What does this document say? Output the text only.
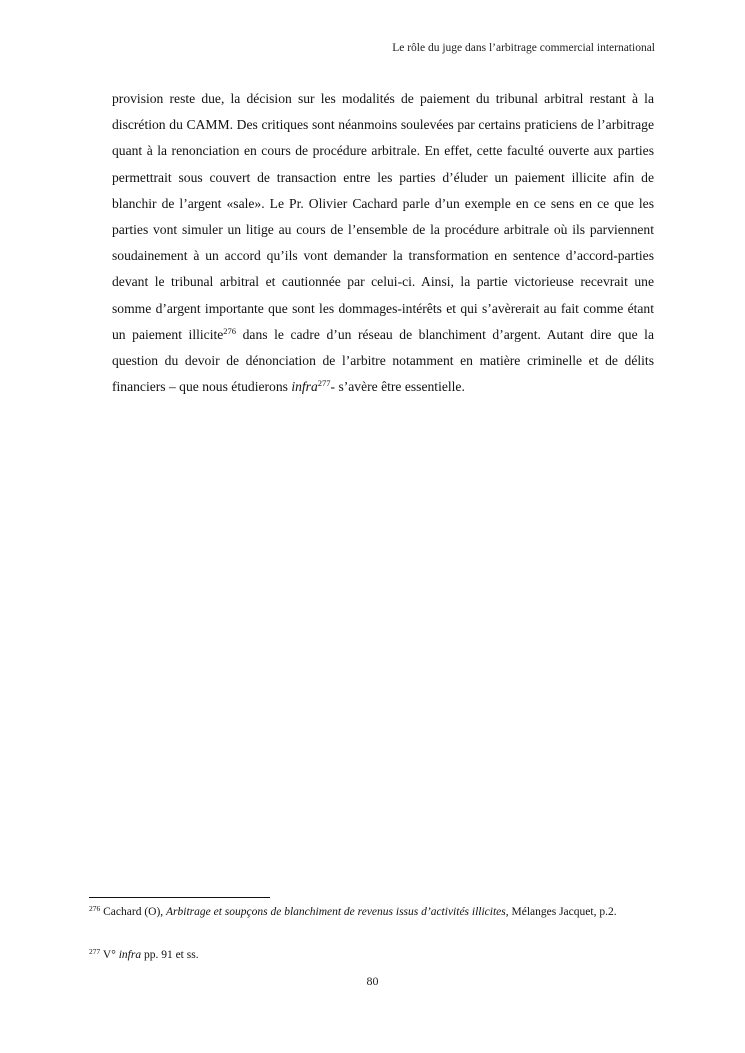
Le rôle du juge dans l’arbitrage commercial international

provision reste due, la décision sur les modalités de paiement du tribunal arbitral restant à la discrétion du CAMM. Des critiques sont néanmoins soulevées par certains praticiens de l’arbitrage quant à la renonciation en cours de procédure arbitrale. En effet, cette faculté ouverte aux parties permettrait sous couvert de transaction entre les parties d’éluder un paiement illicite afin de blanchir de l’argent «sale». Le Pr. Olivier Cachard parle d’un exemple en ce sens en ce que les parties vont simuler un litige au cours de l’ensemble de la procédure arbitrale où ils parviennent soudainement à un accord qu’ils vont demander la transformation en sentence d’accord-parties devant le tribunal arbitral et cautionnée par celui-ci. Ainsi, la partie victorieuse recevrait une somme d’argent importante que sont les dommages-intérêts et qui s’avèrerait au fait comme étant un paiement illicite$^{276}$ dans le cadre d’un réseau de blanchiment d’argent. Autant dire que la question du devoir de dénonciation de l’arbitre notamment en matière criminelle et de délits financiers – que nous étudierons infra$^{277}$- s’avère être essentielle.

$^{276}$ Cachard (O), Arbitrage et soupçons de blanchiment de revenus issus d’activités illicites, Mélanges Jacquet, p.2.

$^{277}$ V° infra pp. 91 et ss.

80
